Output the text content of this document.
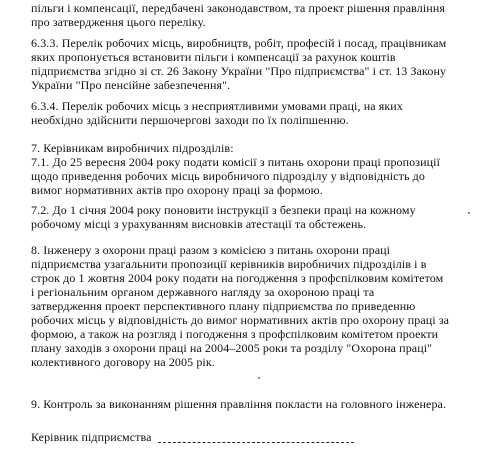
пільги і компенсації, передбачені законодавством, та проект рішення правління

про затвердження цього переліку.

6.3.3. Перелік робочих місць, виробництв, робіт, професій і посад, працівникам

яких пропонується встановити пільги і компенсації за рахунок коштів

підприємства згідно зі ст. 26 Закону України "Про підприємства" і ст. 13 Закону

України "Про пенсійне забезпечення".

6.3.4. Перелік робочих місць з несприятливими умовами праці, на яких

необхідно здійснити першочергові заходи по їх поліпшенню.

7. Керівникам виробничих підрозділів:

7.1. До 25 вересня 2004 року подати комісії з питань охорони праці пропозиції

щодо приведення робочих місць виробничого підрозділу у відповідність до

вимог нормативних актів про охорону праці за формою.

7.2. До 1 січня 2004 року поновити інструкції з безпеки праці на кожному

робочому місці з урахуванням висновків атестації та обстежень.

8. Інженеру з охорони праці разом з комісією з питань охорони праці

підприємства узагальнити пропозиції керівників виробничих підрозділів і в

строк до 1 жовтня 2004 року подати на погодження з профспілковим комітетом

і регіональним органом державного нагляду за охороною праці та

затвердження проект перспективного плану підприємства по приведенню

робочих місць у відповідність до вимог нормативних актів про охорону праці за

формою, а також на розгляд і погодження з профспілковим комітетом проекти

плану заходів з охорони праці на 2004–2005 роки та розділу "Охорона праці"

колективного договору на 2005 рік.

9. Контроль за виконанням рішення правління покласти на головного інженера.

Керівник підприємства
